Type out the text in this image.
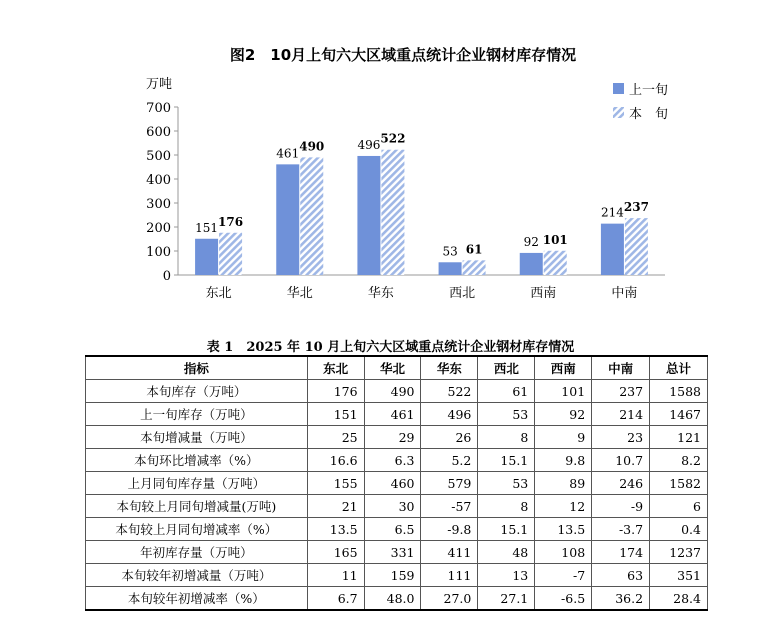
图2　10月上旬六大区域重点统计企业钢材库存情况
万吨
0
100
200
300
400
500
600
700
东北	华北	华东	西北	西南	中南
151 176
461 490	496 522
53 61
92 101
214 237
上一旬
本　旬
表 1　2025 年 10 月上旬六大区域重点统计企业钢材库存情况
指标	东北	华北	华东	西北	西南	中南	总计
本旬库存（万吨）	176	490	522	61	101	237	1588
上一旬库存（万吨）	151	461	496	53	92	214	1467
本旬增减量（万吨）	25	29	26	8	9	23	121
本旬环比增减率（%）	16.6	6.3	5.2	15.1	9.8	10.7	8.2
上月同旬库存量（万吨）	155	460	579	53	89	246	1582
本旬较上月同旬增减量(万吨)	21	30	-57	8	12	-9	6
本旬较上月同旬增减率（%）	13.5	6.5	-9.8	15.1	13.5	-3.7	0.4
年初库存量（万吨）	165	331	411	48	108	174	1237
本旬较年初增减量（万吨）	11	159	111	13	-7	63	351
本旬较年初增减率（%）	6.7	48.0	27.0	27.1	-6.5	36.2	28.4
